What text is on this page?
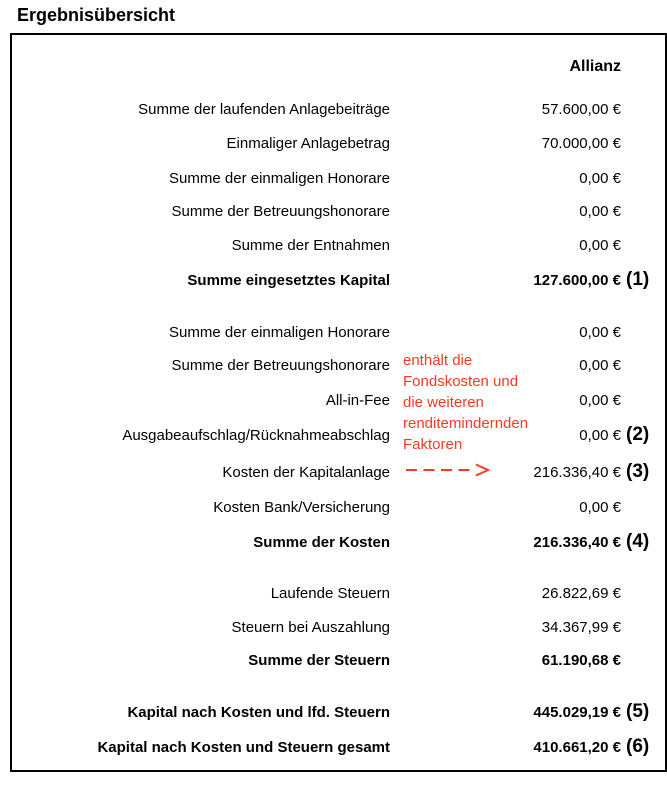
Ergebnisübersicht
Allianz
Summe der laufenden Anlagebeiträge	57.600,00 €
Einmaliger Anlagebetrag	70.000,00 €
Summe der einmaligen Honorare	0,00 €
Summe der Betreuungshonorare	0,00 €
Summe der Entnahmen	0,00 €
Summe eingesetztes Kapital	127.600,00 € (1)
Summe der einmaligen Honorare	0,00 €
Summe der Betreuungshonorare	0,00 €
All-in-Fee	0,00 €
Ausgabeaufschlag/Rücknahmeabschlag	0,00 € (2)
Kosten der Kapitalanlage	216.336,40 € (3)
Kosten Bank/Versicherung	0,00 €
Summe der Kosten	216.336,40 € (4)
Laufende Steuern	26.822,69 €
Steuern bei Auszahlung	34.367,99 €
Summe der Steuern	61.190,68 €
Kapital nach Kosten und lfd. Steuern	445.029,19 € (5)
Kapital nach Kosten und Steuern gesamt	410.661,20 € (6)
enthält die
Fondskosten und
die weiteren
renditemindernden
Faktoren
